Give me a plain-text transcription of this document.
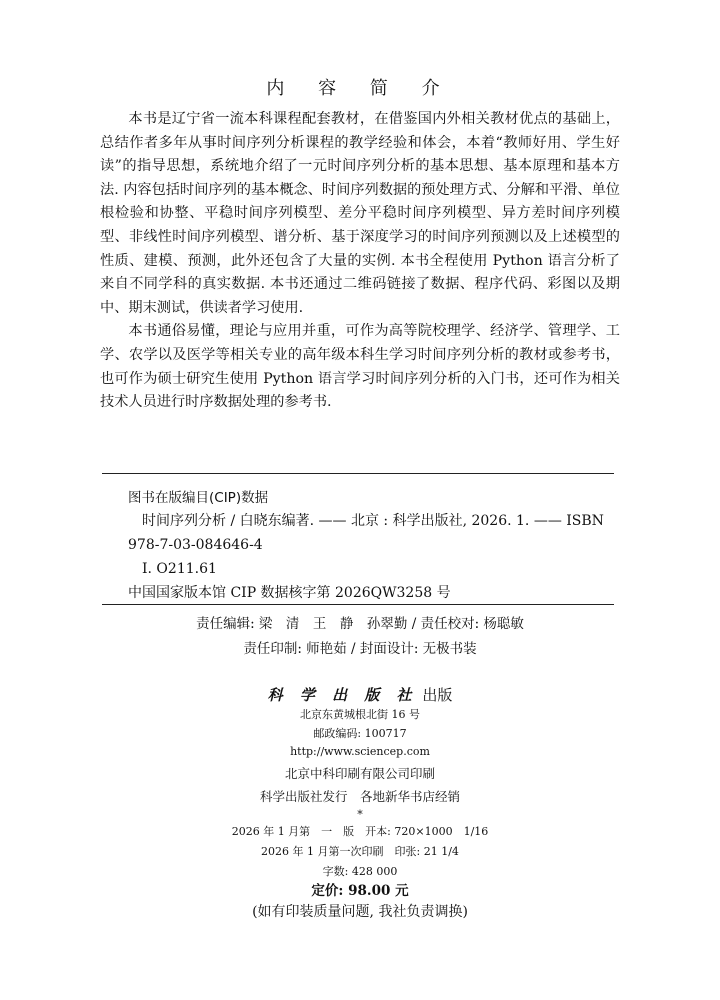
内 容 简 介

本书是辽宁省一流本科课程配套教材，在借鉴国内外相关教材优点的基础上，总结作者多年从事时间序列分析课程的教学经验和体会，本着“教师好用、学生好读”的指导思想，系统地介绍了一元时间序列分析的基本思想、基本原理和基本方法. 内容包括时间序列的基本概念、时间序列数据的预处理方式、分解和平滑、单位根检验和协整、平稳时间序列模型、差分平稳时间序列模型、异方差时间序列模型、非线性时间序列模型、谱分析、基于深度学习的时间序列预测以及上述模型的性质、建模、预测，此外还包含了大量的实例. 本书全程使用 Python 语言分析了来自不同学科的真实数据. 本书还通过二维码链接了数据、程序代码、彩图以及期中、期末测试，供读者学习使用.

本书通俗易懂，理论与应用并重，可作为高等院校理学、经济学、管理学、工学、农学以及医学等相关专业的高年级本科生学习时间序列分析的教材或参考书，也可作为硕士研究生使用 Python 语言学习时间序列分析的入门书，还可作为相关技术人员进行时序数据处理的参考书.

图书在版编目(CIP)数据
时间序列分析 / 白晓东编著. —— 北京 : 科学出版社, 2026. 1. —— ISBN
978-7-03-084646-4
Ⅰ. O211.61
中国国家版本馆 CIP 数据核字第 2026QW3258 号
责任编辑: 梁　清　王　静　孙翠勤 / 责任校对: 杨聪敏
责任印制: 师艳茹 / 封面设计: 无极书装
科 学 出 版 社 出版
北京东黄城根北街 16 号
邮政编码: 100717
http://www.sciencep.com
北京中科印刷有限公司印刷
科学出版社发行　各地新华书店经销
*
2026 年 1 月第　一　版　开本: 720×1000　1/16
2026 年 1 月第一次印刷　印张: 21 1/4
字数: 428 000
定价: 98.00 元
(如有印装质量问题, 我社负责调换)
